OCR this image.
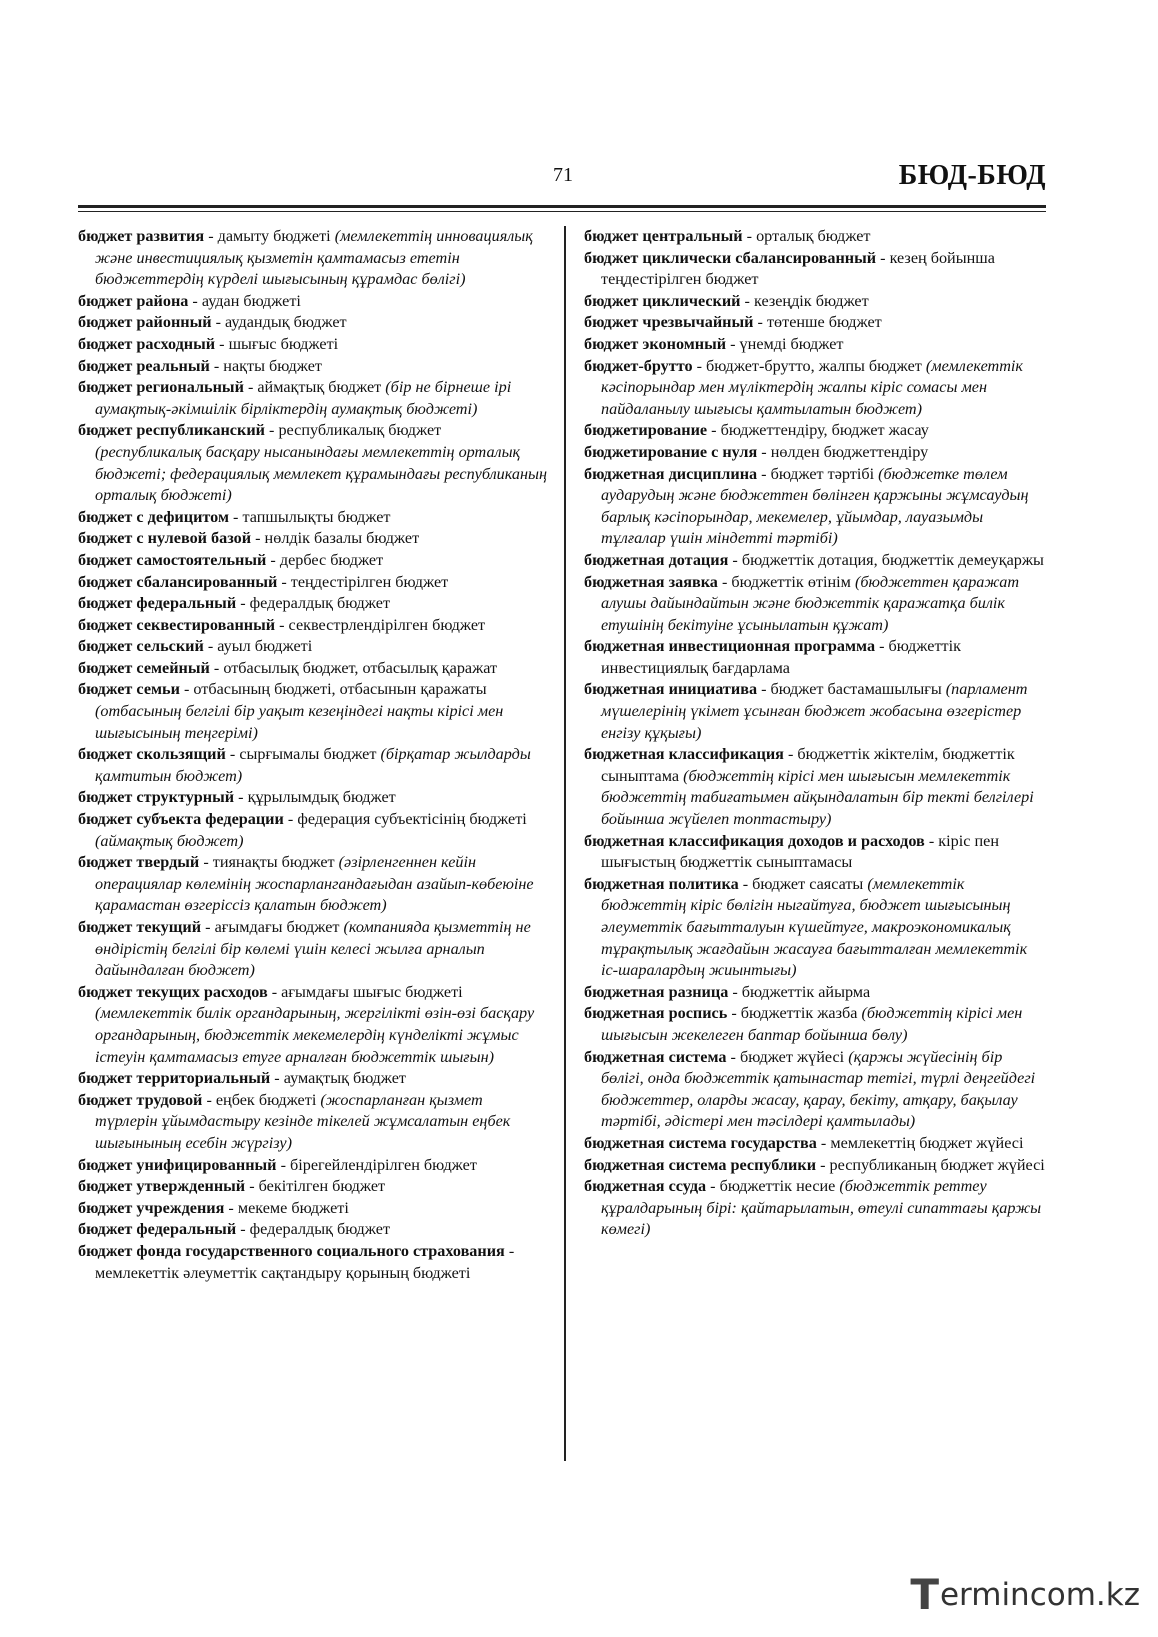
71	БЮД-БЮД

бюджет развития - дамыту бюджеті (мемлекеттің инновациялық және инвестициялық қызметін қамтамасыз ететін бюджеттердің күрделі шығысының құрамдас бөлігі)

бюджет района - аудан бюджеті

бюджет районный - аудандық бюджет

бюджет расходный - шығыс бюджеті

бюджет реальный - нақты бюджет

бюджет региональный - аймақтық бюджет (бір не бірнеше ірі аумақтық-әкімшілік бірліктердің аумақтық бюджеті)

бюджет республиканский - республикалық бюджет (республикалық басқару нысанындағы мемлекеттің орталық бюджеті; федерациялық мемлекет құрамындағы республиканың орталық бюджеті)

бюджет с дефицитом - тапшылықты бюджет

бюджет с нулевой базой - нөлдік базалы бюджет

бюджет самостоятельный - дербес бюджет

бюджет сбалансированный - теңдестірілген бюджет

бюджет федеральный - федералдық бюджет

бюджет секвестированный - секвестрлендірілген бюджет

бюджет сельский - ауыл бюджеті

бюджет семейный - отбасылық бюджет, отбасылық қаражат

бюджет семьи - отбасының бюджеті, отбасынын қаражаты (отбасының белгілі бір уақыт кезеңіндегі нақты кірісі мен шығысының теңгерімі)

бюджет скользящий - сырғымалы бюджет (бірқатар жылдарды қамтитын бюджет)

бюджет структурный - құрылымдық бюджет

бюджет субъекта федерации - федерация субъектісінің бюджеті (аймақтық бюджет)

бюджет твердый - тиянақты бюджет (әзірленгеннен кейін операциялар көлемінің жоспарлангандағыдан азайып-көбеюіне қарамастан өзгеріссіз қалатын бюджет)

бюджет текущий - ағымдағы бюджет (компанияда қызметтің не өндірістің белгілі бір көлемі үшін келесі жылға арналып дайындалған бюджет)

бюджет текущих расходов - ағымдағы шығыс бюджеті (мемлекеттік билік органдарының, жергілікті өзін-өзі басқару органдарының, бюджеттік мекемелердің күнделікті жұмыс істеуін қамтамасыз етуге арналған бюджеттік шығын)

бюджет территориальный - аумақтық бюджет

бюджет трудовой - еңбек бюджеті (жоспарланған қызмет түрлерін ұйымдастыру кезінде тікелей жұмсалатын еңбек шығынының есебін жүргізу)

бюджет унифицированный - бірегейлендірілген бюджет

бюджет утвержденный - бекітілген бюджет

бюджет учреждения - мекеме бюджеті

бюджет федеральный - федералдық бюджет

бюджет фонда государственного социального страхования - мемлекеттік әлеуметтік сақтандыру қорының бюджеті

бюджет центральный - орталық бюджет

бюджет циклически сбалансированный - кезең бойынша теңдестірілген бюджет

бюджет циклический - кезеңдік бюджет

бюджет чрезвычайный - төтенше бюджет

бюджет экономный - үнемді бюджет

бюджет-брутто - бюджет-брутто, жалпы бюджет (мемлекеттік кәсіпорындар мен мүліктердің жалпы кіріс сомасы мен пайдаланылу шығысы қамтылатын бюджет)

бюджетирование - бюджеттендіру, бюджет жасау

бюджетирование с нуля - нөлден бюджеттендіру

бюджетная дисциплина - бюджет тәртібі (бюджетке төлем аударудың және бюджеттен бөлінген қаржыны жұмсаудың барлық кәсіпорындар, мекемелер, ұйымдар, лауазымды тұлғалар үшін міндетті тәртібі)

бюджетная дотация - бюджеттік дотация, бюджеттік демеуқаржы

бюджетная заявка - бюджеттік өтінім (бюджеттен қаражат алушы дайындайтын және бюджеттік қаражатқа билік етушінің бекітуіне ұсынылатын құжат)

бюджетная инвестиционная программа - бюджеттік инвестициялық бағдарлама

бюджетная инициатива - бюджет бастамашылығы (парламент мүшелерінің үкімет ұсынған бюджет жобасына өзгерістер енгізу құқығы)

бюджетная классификация - бюджеттік жіктелім, бюджеттік сыныптама (бюджеттің кірісі мен шығысын мемлекеттік бюджеттің табиғатымен айқындалатын бір текті белгілері бойынша жүйелеп топтастыру)

бюджетная классификация доходов и расходов - кіріс пен шығыстың бюджеттік сыныптамасы

бюджетная политика - бюджет саясаты (мемлекеттік бюджеттің кіріс бөлігін ныгайтуға, бюджет шығысының әлеуметтік бағытталуын күшейтуге, макроэкономикалық тұрақтылық жағдайын жасауға бағытталған мемлекеттік іс-шаралардың жиынтығы)

бюджетная разница - бюджеттік айырма

бюджетная роспись - бюджеттік жазба (бюджеттің кірісі мен шығысын жекелеген баптар бойынша бөлу)

бюджетная система - бюджет жүйесі (қаржы жүйесінің бір бөлігі, онда бюджеттік қатынастар тетігі, түрлі деңгейдегі бюджеттер, оларды жасау, қарау, бекіту, атқару, бақылау тәртібі, әдістері мен тәсілдері қамтылады)

бюджетная система государства - мемлекеттің бюджет жүйесі

бюджетная система республики - республиканың бюджет жүйесі

бюджетная ссуда - бюджеттік несие (бюджеттік реттеу құралдарының бірі: қайтарылатын, өтеулі сипаттағы қаржы көмегі)

T ermincom.kz
